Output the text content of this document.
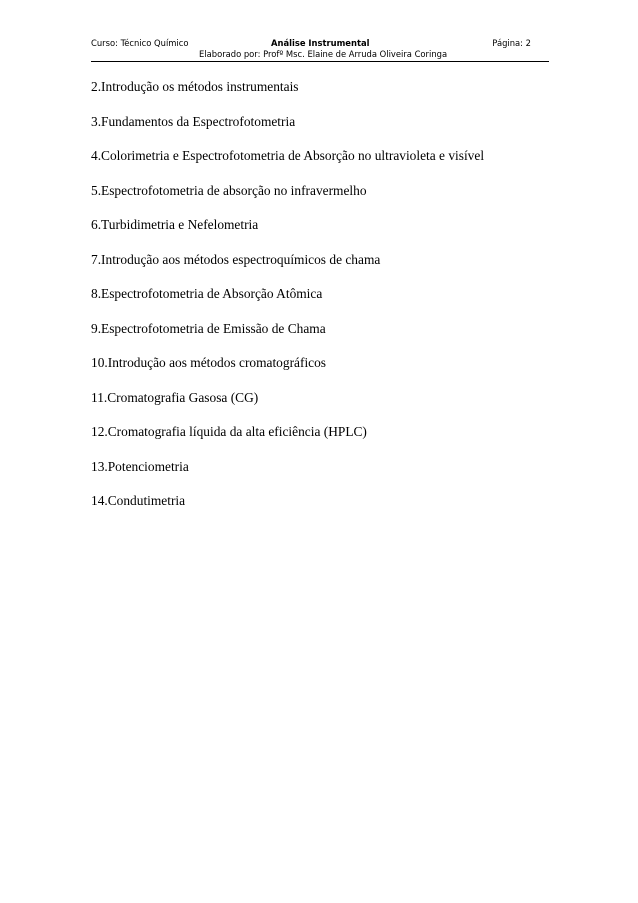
Curso: Técnico Químico	Análise Instrumental	Página: 2
Elaborado por: Profº Msc. Elaine de Arruda Oliveira Coringa
2.Introdução os métodos instrumentais
3.Fundamentos da Espectrofotometria
4.Colorimetria e Espectrofotometria de Absorção no ultravioleta e visível
5.Espectrofotometria de absorção no infravermelho
6.Turbidimetria e Nefelometria
7.Introdução aos métodos espectroquímicos de chama
8.Espectrofotometria de Absorção Atômica
9.Espectrofotometria de Emissão de Chama
10.Introdução aos métodos cromatográficos
11.Cromatografia Gasosa (CG)
12.Cromatografia líquida da alta eficiência (HPLC)
13.Potenciometria
14.Condutimetria
